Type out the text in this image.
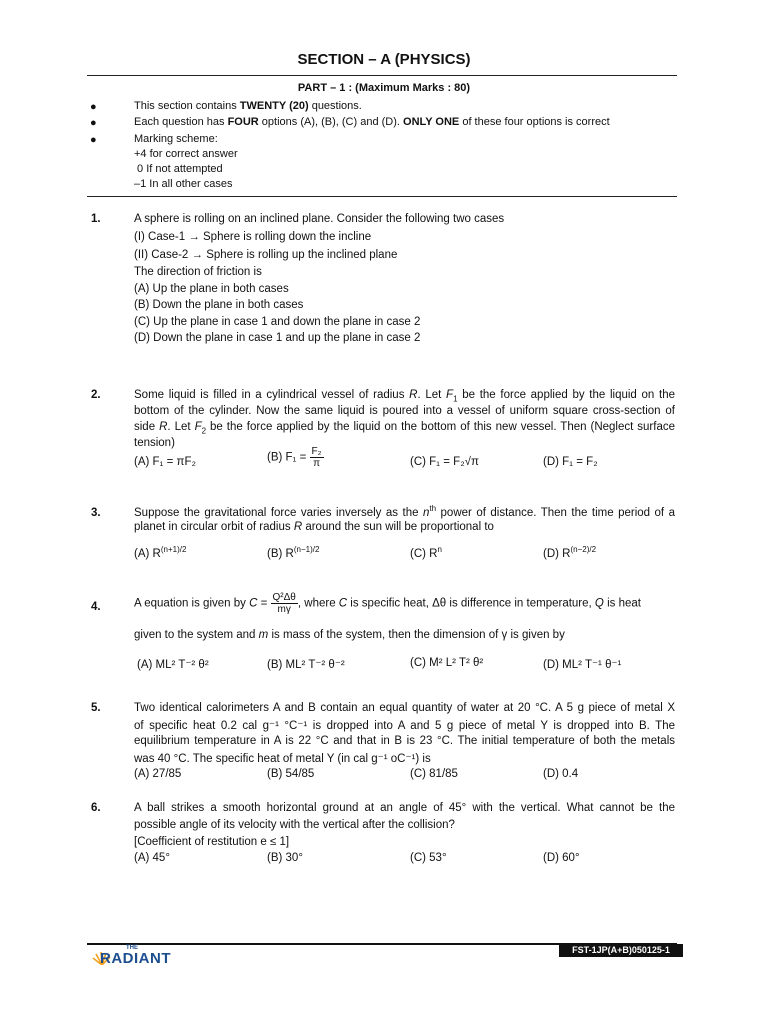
SECTION – A (PHYSICS)
PART – 1 : (Maximum Marks : 80)
●	This section contains TWENTY (20) questions.
●	Each question has FOUR options (A), (B), (C) and (D). ONLY ONE of these four options is correct
●	Marking scheme:
+4 for correct answer
0 If not attempted
–1 In all other cases
1.	A sphere is rolling on an inclined plane. Consider the following two cases
(I) Case-1 → Sphere is rolling down the incline
(II) Case-2 → Sphere is rolling up the inclined plane
The direction of friction is
(A) Up the plane in both cases
(B) Down the plane in both cases
(C) Up the plane in case 1 and down the plane in case 2
(D) Down the plane in case 1 and up the plane in case 2
2.	Some liquid is filled in a cylindrical vessel of radius R. Let $F_1$ be the force applied by the liquid on the
bottom of the cylinder. Now the same liquid is poured into a vessel of uniform square cross-section of
side R. Let $F_2$ be the force applied by the liquid on the bottom of this new vessel. Then (Neglect surface
tension)
(A) F₁ = πF₂	(B) $F_1 = \frac{\text{F₂}}{\pi}$	(C) F₁ = F₂√π	(D) F₁ = F₂
3.	Suppose the gravitational force varies inversely as the $n^{th}$ power of distance. Then the time period of a
planet in circular orbit of radius R around the sun will be proportional to
(A) $R^{(n+1)/2}$	(B) $R^{(n-1)/2}$	(C) $R^n$	(D) $R^{(n-2)/2}$
4.	A equation is given by $C = \frac{\text{Q²Δθ}}{m\gamma}$ , where C is specific heat, Δθ is difference in temperature, Q is heat
given to the system and m is mass of the system, then the dimension of γ is given by
(A) ML² T⁻² θ²	(B) ML² T⁻² θ⁻²	(C) M² L² T² θ²	(D) ML² T⁻¹ θ⁻¹
5.	Two identical calorimeters A and B contain an equal quantity of water at 20 °C. A 5 g piece of metal X
of specific heat 0.2 cal g⁻¹ °C⁻¹ is dropped into A and 5 g piece of metal Y is dropped into B. The
equilibrium temperature in A is 22 °C and that in B is 23 °C. The initial temperature of both the metals
was 40 °C. The specific heat of metal Y (in cal g⁻¹ oC⁻¹) is
(A) 27/85	(B) 54/85	(C) 81/85	(D) 0.4
6.	A ball strikes a smooth horizontal ground at an angle of 45° with the vertical. What cannot be the
possible angle of its velocity with the vertical after the collision?
[Coefficient of restitution e ≤ 1]
(A) 45°	(B) 30°	(C) 53°	(D) 60°
THE
RADIANT	FST-1JP(A+B)050125-1
